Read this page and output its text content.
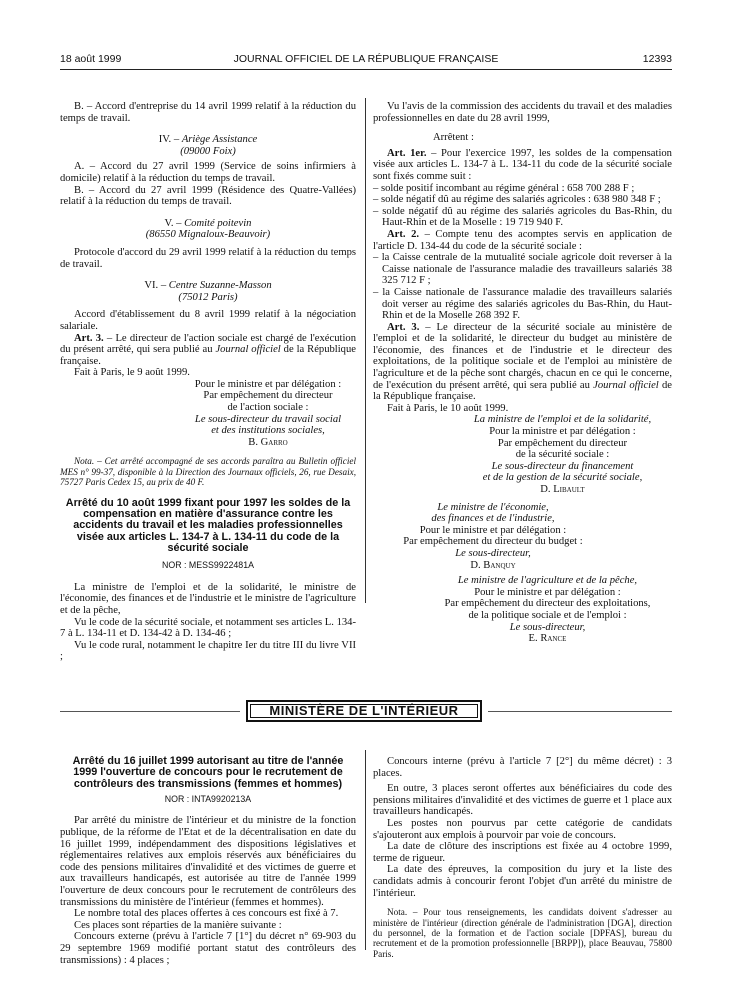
18 août 1999	JOURNAL OFFICIEL DE LA RÉPUBLIQUE FRANÇAISE	12393

B. – Accord d'entreprise du 14 avril 1999 relatif à la réduction du temps de travail.

IV. – Ariège Assistance

(09000 Foix)

A. – Accord du 27 avril 1999 (Service de soins infirmiers à domicile) relatif à la réduction du temps de travail.

B. – Accord du 27 avril 1999 (Résidence des Quatre-Vallées) relatif à la réduction du temps de travail.

V. – Comité poitevin

(86550 Mignaloux-Beauvoir)

Protocole d'accord du 29 avril 1999 relatif à la réduction du temps de travail.

VI. – Centre Suzanne-Masson

(75012 Paris)

Accord d'établissement du 8 avril 1999 relatif à la négociation salariale.

Art. 3. – Le directeur de l'action sociale est chargé de l'exécution du présent arrêté, qui sera publié au Journal officiel de la République française.

Fait à Paris, le 9 août 1999.

Pour le ministre et par délégation :

Par empêchement du directeur

de l'action sociale :

Le sous-directeur du travail social

et des institutions sociales,

B. Garro

Nota. – Cet arrêté accompagné de ses accords paraîtra au Bulletin officiel MES n° 99-37, disponible à la Direction des Journaux officiels, 26, rue Desaix, 75727 Paris Cedex 15, au prix de 40 F.

Arrêté du 10 août 1999 fixant pour 1997 les soldes de la compensation en matière d'assurance contre les accidents du travail et les maladies professionnelles visée aux articles L. 134-7 à L. 134-11 du code de la sécurité sociale

NOR : MESS9922481A

La ministre de l'emploi et de la solidarité, le ministre de l'économie, des finances et de l'industrie et le ministre de l'agriculture et de la pêche,

Vu le code de la sécurité sociale, et notamment ses articles L. 134-7 à L. 134-11 et D. 134-42 à D. 134-46 ;

Vu le code rural, notamment le chapitre Ier du titre III du livre VII ;

Vu l'avis de la commission des accidents du travail et des maladies professionnelles en date du 28 avril 1999,

Arrêtent :

Art. 1er. – Pour l'exercice 1997, les soldes de la compensation visée aux articles L. 134-7 à L. 134-11 du code de la sécurité sociale sont fixés comme suit :

– solde positif incombant au régime général : 658 700 288 F ;
– solde négatif dû au régime des salariés agricoles : 638 980 348 F ;
– solde négatif dû au régime des salariés agricoles du Bas-Rhin, du Haut-Rhin et de la Moselle : 19 719 940 F.

Art. 2. – Compte tenu des acomptes servis en application de l'article D. 134-44 du code de la sécurité sociale :

– la Caisse centrale de la mutualité sociale agricole doit reverser à la Caisse nationale de l'assurance maladie des travailleurs salariés 38 325 712 F ;
– la Caisse nationale de l'assurance maladie des travailleurs salariés doit verser au régime des salariés agricoles du Bas-Rhin, du Haut-Rhin et de la Moselle 268 392 F.

Art. 3. – Le directeur de la sécurité sociale au ministère de l'emploi et de la solidarité, le directeur du budget au ministère de l'économie, des finances et de l'industrie et le directeur des exploitations, de la politique sociale et de l'emploi au ministère de l'agriculture et de la pêche sont chargés, chacun en ce qui le concerne, de l'exécution du présent arrêté, qui sera publié au Journal officiel de la République française.

Fait à Paris, le 10 août 1999.

La ministre de l'emploi et de la solidarité,

Pour la ministre et par délégation :

Par empêchement du directeur

de la sécurité sociale :

Le sous-directeur du financement

et de la gestion de la sécurité sociale,

D. Libault

Le ministre de l'économie,

des finances et de l'industrie,

Pour le ministre et par délégation :

Par empêchement du directeur du budget :

Le sous-directeur,

D. Banquy

Le ministre de l'agriculture et de la pêche,

Pour le ministre et par délégation :

Par empêchement du directeur des exploitations,

de la politique sociale et de l'emploi :

Le sous-directeur,

E. Rance

MINISTÈRE DE L'INTÉRIEUR

Arrêté du 16 juillet 1999 autorisant au titre de l'année 1999 l'ouverture de concours pour le recrutement de contrôleurs des transmissions (femmes et hommes)

NOR : INTA9920213A

Par arrêté du ministre de l'intérieur et du ministre de la fonction publique, de la réforme de l'Etat et de la décentralisation en date du 16 juillet 1999, indépendamment des dispositions législatives et réglementaires relatives aux emplois réservés aux bénéficiaires du code des pensions militaires d'invalidité et des victimes de guerre et aux travailleurs handicapés, est autorisée au titre de l'année 1999 l'ouverture de deux concours pour le recrutement de contrôleurs des transmissions du ministère de l'intérieur (femmes et hommes).

Le nombre total des places offertes à ces concours est fixé à 7.

Ces places sont réparties de la manière suivante :

Concours externe (prévu à l'article 7 [1°] du décret n° 69-903 du 29 septembre 1969 modifié portant statut des contrôleurs des transmissions) : 4 places ;

Concours interne (prévu à l'article 7 [2°] du même décret) : 3 places.

En outre, 3 places seront offertes aux bénéficiaires du code des pensions militaires d'invalidité et des victimes de guerre et 1 place aux travailleurs handicapés.

Les postes non pourvus par cette catégorie de candidats s'ajouteront aux emplois à pourvoir par voie de concours.

La date de clôture des inscriptions est fixée au 4 octobre 1999, terme de rigueur.

La date des épreuves, la composition du jury et la liste des candidats admis à concourir feront l'objet d'un arrêté du ministre de l'intérieur.

Nota. – Pour tous renseignements, les candidats doivent s'adresser au ministère de l'intérieur (direction générale de l'administration [DGA], direction du personnel, de la formation et de l'action sociale [DPFAS], bureau du recrutement et de la promotion professionnelle [BRPP]), place Beauvau, 75800 Paris.
